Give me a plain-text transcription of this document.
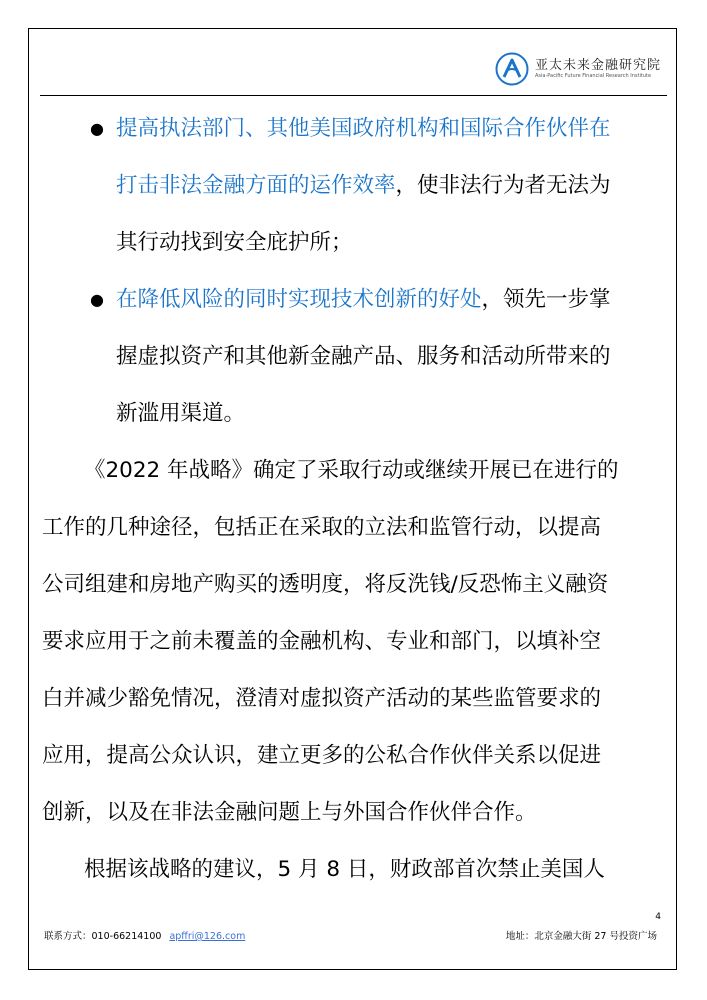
亚太未来金融研究院
Asia-Pacific Future Financial Research Institute
● 提高执法部门、其他美国政府机构和国际合作伙伴在
打击非法金融方面的运作效率，使非法行为者无法为
其行动找到安全庇护所；
● 在降低风险的同时实现技术创新的好处，领先一步掌
握虚拟资产和其他新金融产品、服务和活动所带来的
新滥用渠道。
《2022 年战略》确定了采取行动或继续开展已在进行的
工作的几种途径，包括正在采取的立法和监管行动，以提高
公司组建和房地产购买的透明度，将反洗钱/反恐怖主义融资
要求应用于之前未覆盖的金融机构、专业和部门，以填补空
白并减少豁免情况，澄清对虚拟资产活动的某些监管要求的
应用，提高公众认识，建立更多的公私合作伙伴关系以促进
创新，以及在非法金融问题上与外国合作伙伴合作。
根据该战略的建议，5 月 8 日，财政部首次禁止美国人
4
联系方式：010-66214100 apffri@126.com	地址：北京金融大街 27 号投资广场
